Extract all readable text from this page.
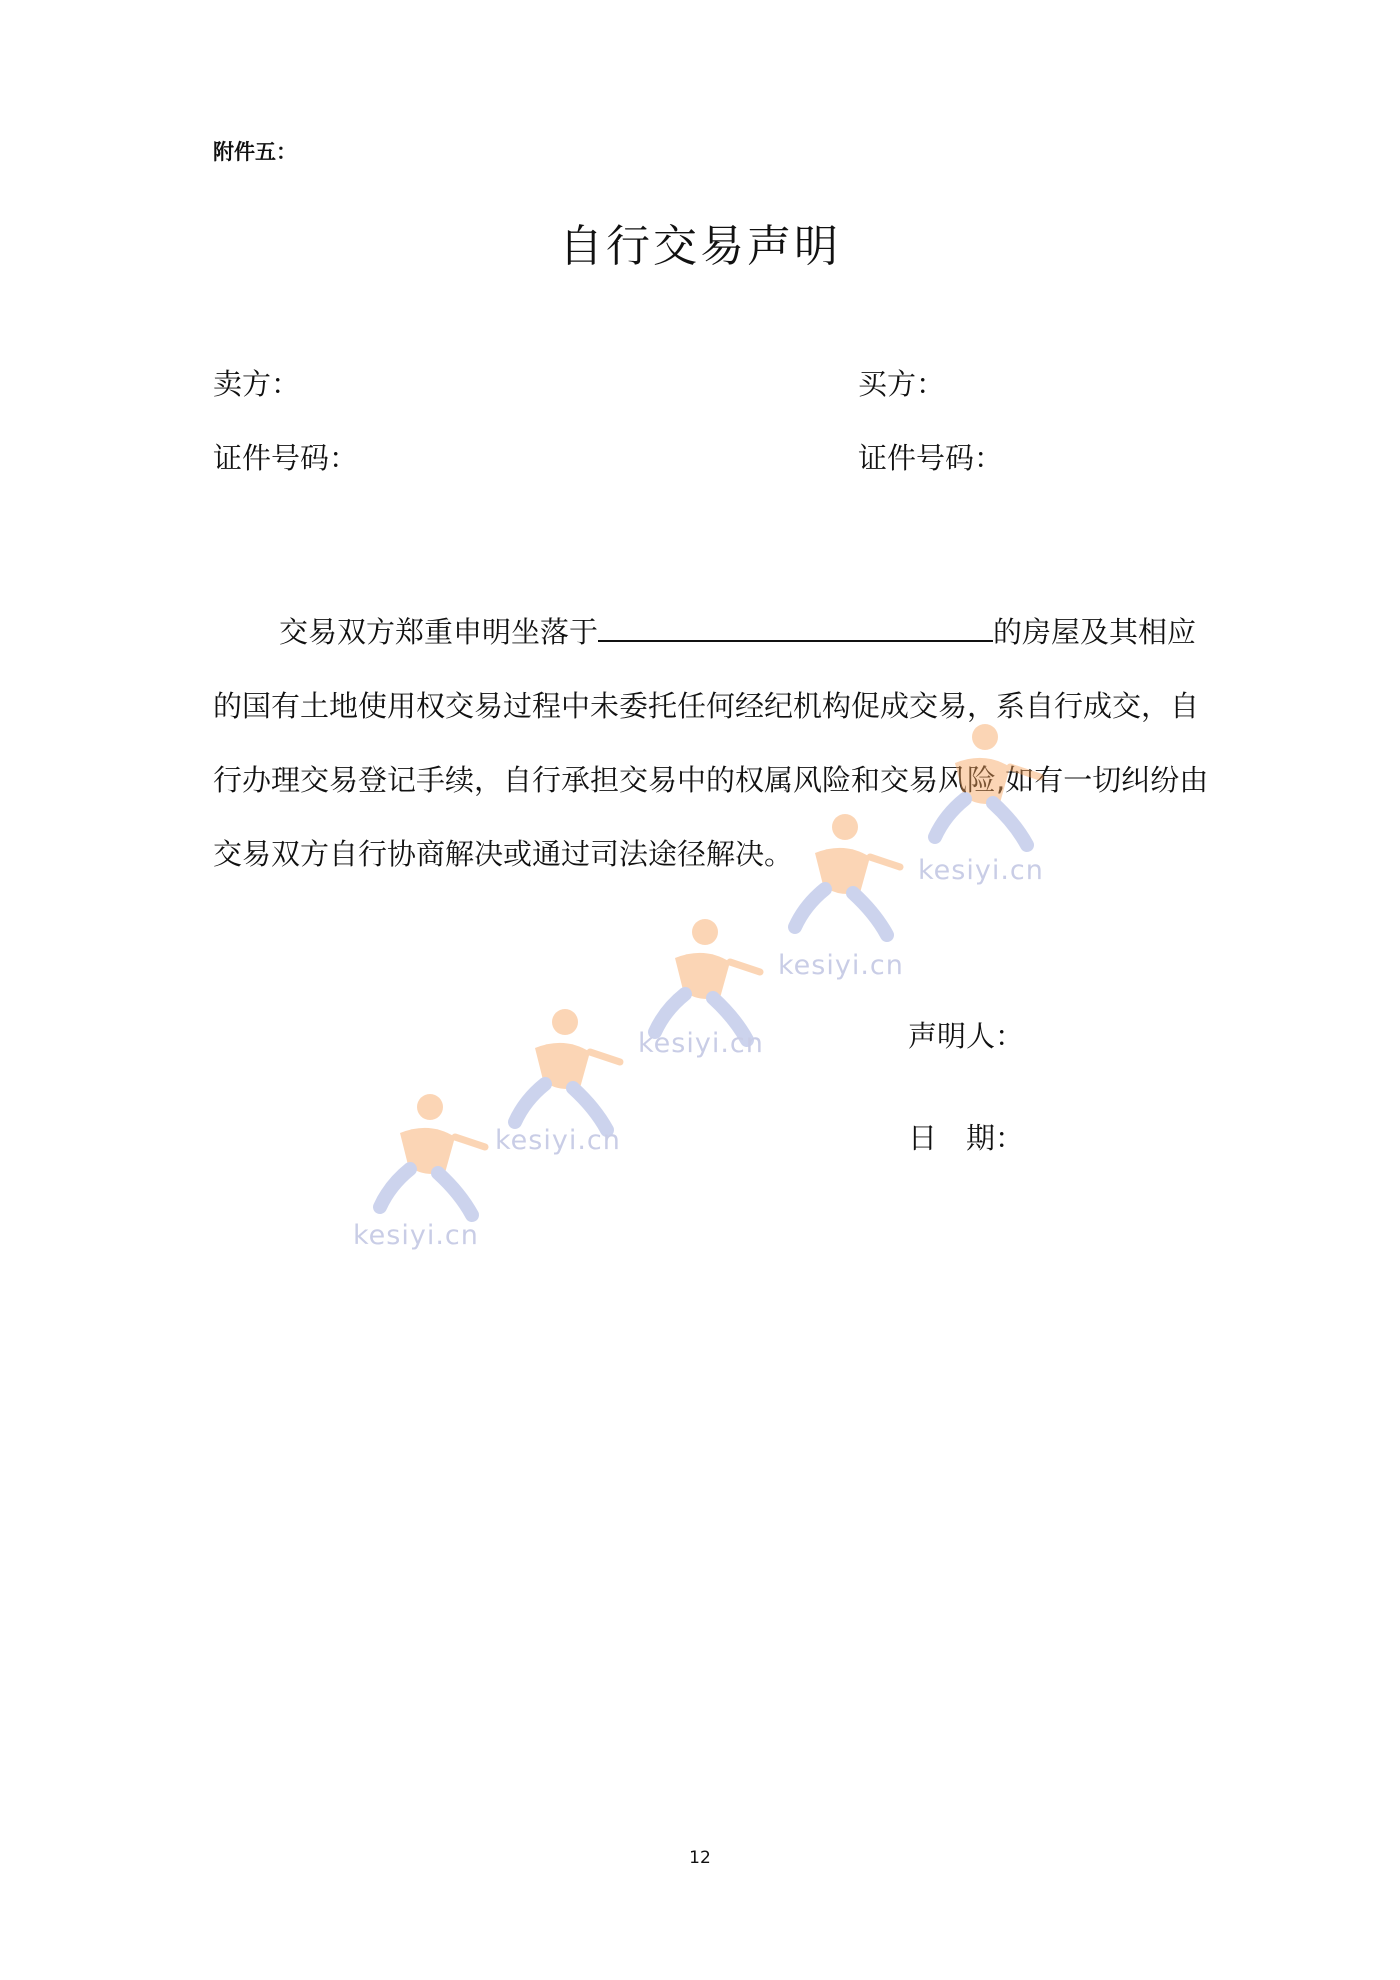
附件五：
自行交易声明
卖方：	买方：
证件号码：	证件号码：
交易双方郑重申明坐落于	的房屋及其相应的国有土地使用权交易过程中未委托任何经纪机构促成交易，系自行成交，自行办理交易登记手续，自行承担交易中的权属风险和交易风险,如有一切纠纷由交易双方自行协商解决或通过司法途径解决。
声明人：
日　期：
kesiyi.cn
kesiyi.cn
kesiyi.cn
kesiyi.cn
kesiyi.cn
12
